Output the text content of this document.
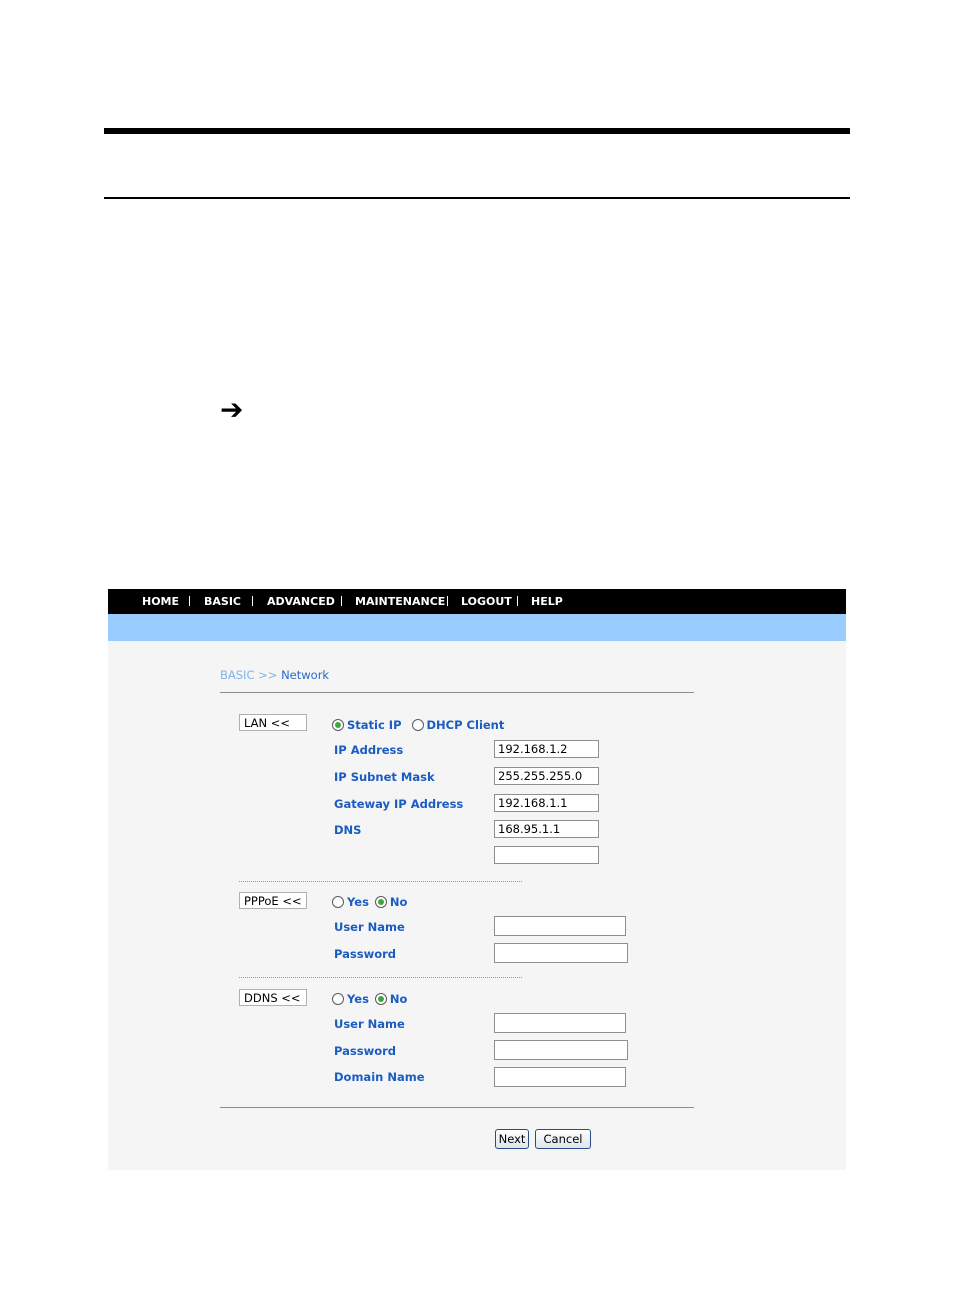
➔
HOME BASIC ADVANCED MAINTENANCE LOGOUT HELP
BASIC >> Network
LAN <<	Static IP DHCP Client
IP Address	192.168.1.2
IP Subnet Mask	255.255.255.0
Gateway IP Address	192.168.1.1
DNS	168.95.1.1
PPPoE <<	Yes No
User Name
Password
DDNS <<	Yes No
User Name
Password
Domain Name
Next	Cancel
